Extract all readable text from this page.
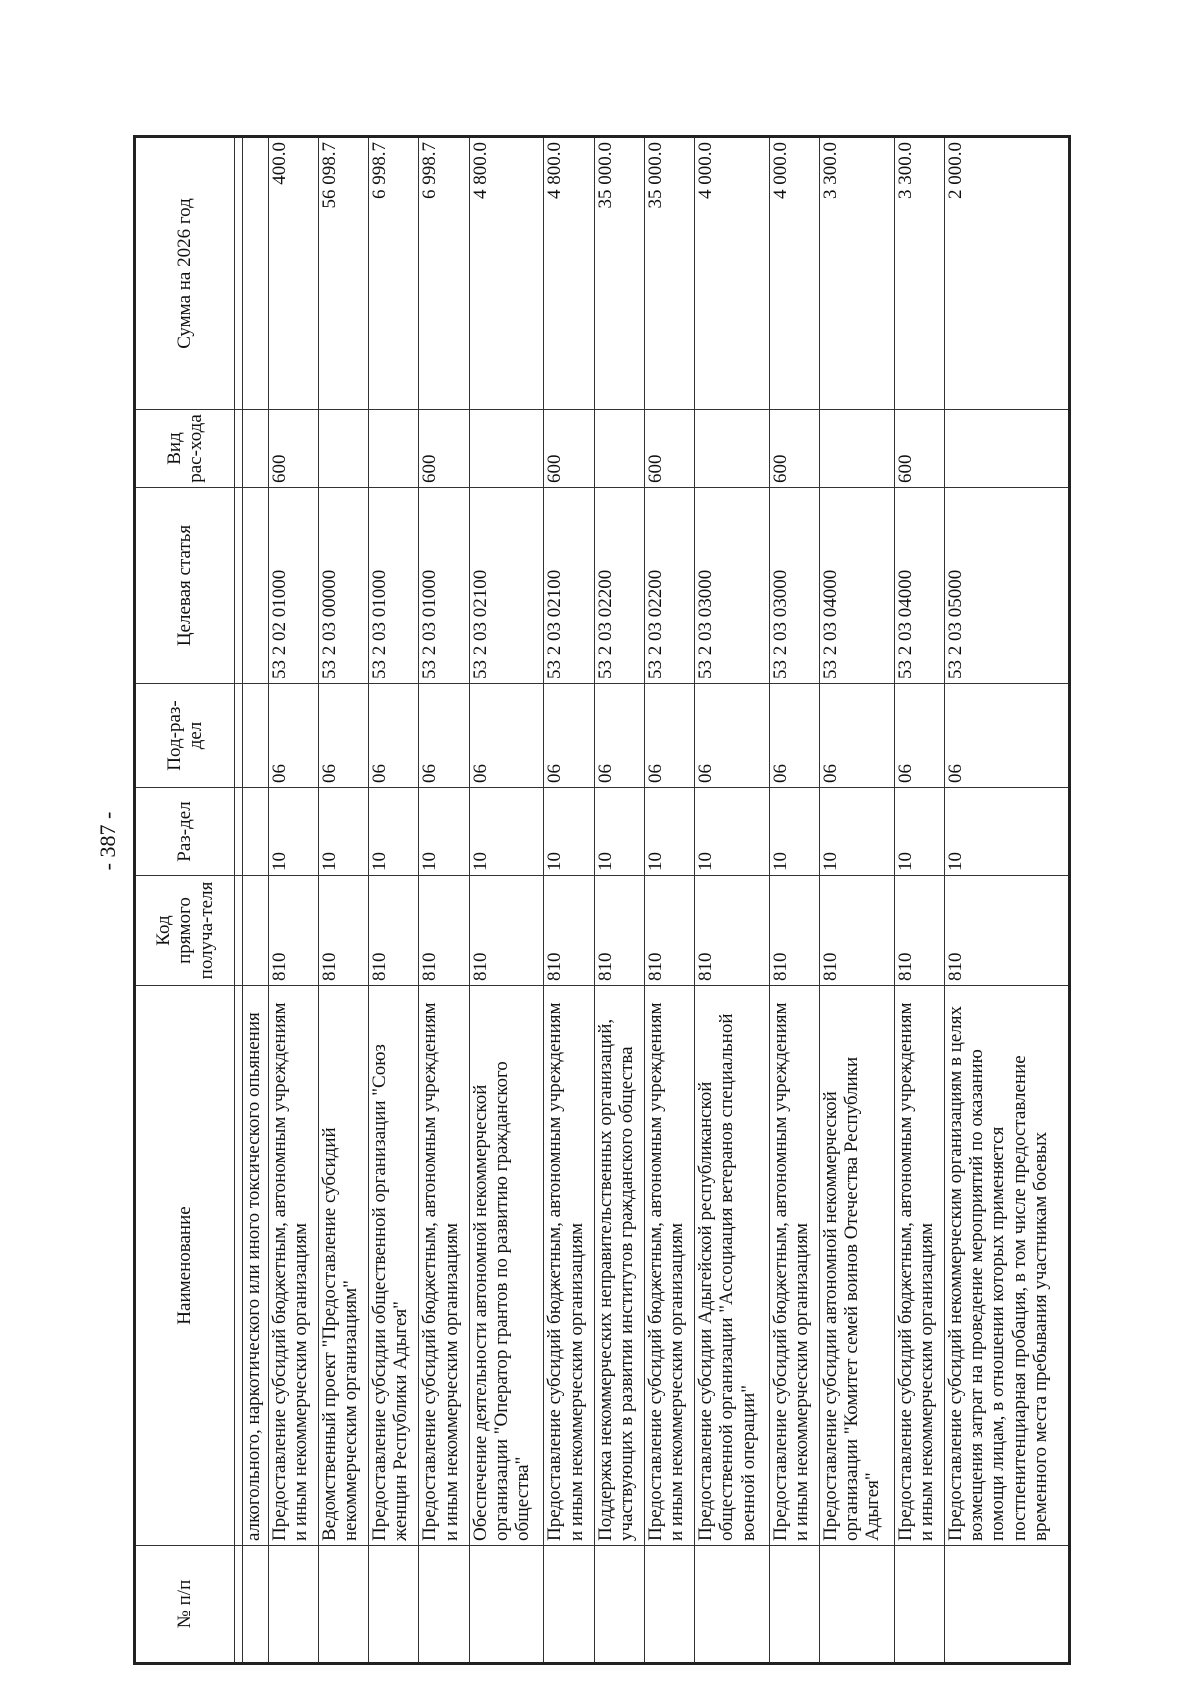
- 387 -
№ п/п	Наименование	Код прямого получа-теля	Раз-дел	Под-раз-дел	Целевая статья	Вид рас-хода	Сумма на 2026 год

	алкогольного, наркотического или иного токсического опьянения						
	Предоставление субсидий бюджетным, автономным учреждениям и иным некоммерческим организациям	810	10	06	53 2 02 01000	600	400.0
	Ведомственный проект "Предоставление субсидий некоммерческим организациям"	810	10	06	53 2 03 00000		56 098.7
	Предоставление субсидии общественной организации "Союз женщин Республики Адыгея"	810	10	06	53 2 03 01000		6 998.7
	Предоставление субсидий бюджетным, автономным учреждениям и иным некоммерческим организациям	810	10	06	53 2 03 01000	600	6 998.7
	Обеспечение деятельности автономной некоммерческой организации "Оператор грантов по развитию гражданского общества"	810	10	06	53 2 03 02100		4 800.0
	Предоставление субсидий бюджетным, автономным учреждениям и иным некоммерческим организациям	810	10	06	53 2 03 02100	600	4 800.0
	Поддержка некоммерческих неправительственных организаций, участвующих в развитии институтов гражданского общества	810	10	06	53 2 03 02200		35 000.0
	Предоставление субсидий бюджетным, автономным учреждениям и иным некоммерческим организациям	810	10	06	53 2 03 02200	600	35 000.0
	Предоставление субсидии Адыгейской республиканской общественной организации "Ассоциация ветеранов специальной военной операции"	810	10	06	53 2 03 03000		4 000.0
	Предоставление субсидий бюджетным, автономным учреждениям и иным некоммерческим организациям	810	10	06	53 2 03 03000	600	4 000.0
	Предоставление субсидии автономной некоммерческой организации "Комитет семей воинов Отечества Республики Адыгея"	810	10	06	53 2 03 04000		3 300.0
	Предоставление субсидий бюджетным, автономным учреждениям и иным некоммерческим организациям	810	10	06	53 2 03 04000	600	3 300.0
	Предоставление субсидий некоммерческим организациям в целях возмещения затрат на проведение мероприятий по оказанию помощи лицам, в отношении которых применяется постпенитенциарная пробация, в том числе предоставление временного места пребывания участникам боевых	810	10	06	53 2 03 05000		2 000.0
